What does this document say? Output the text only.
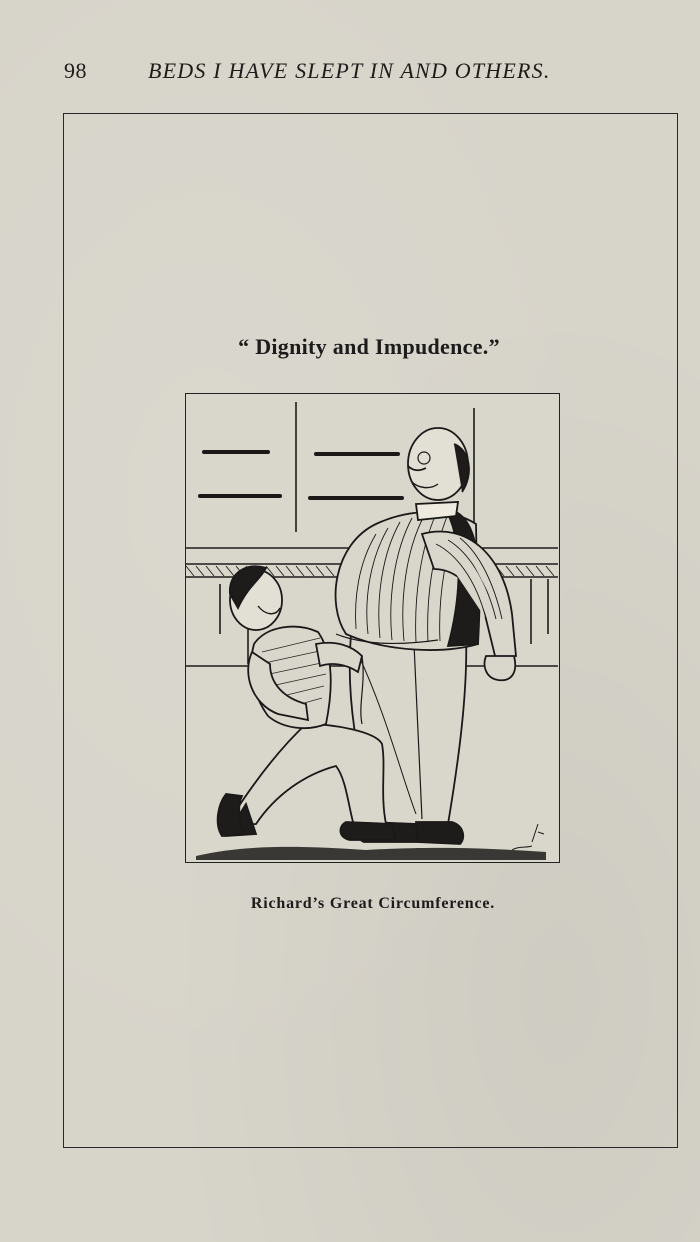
98	BEDS I HAVE SLEPT IN AND OTHERS.
“ Dignity and Impudence.”
Richard’s Great Circumference.
